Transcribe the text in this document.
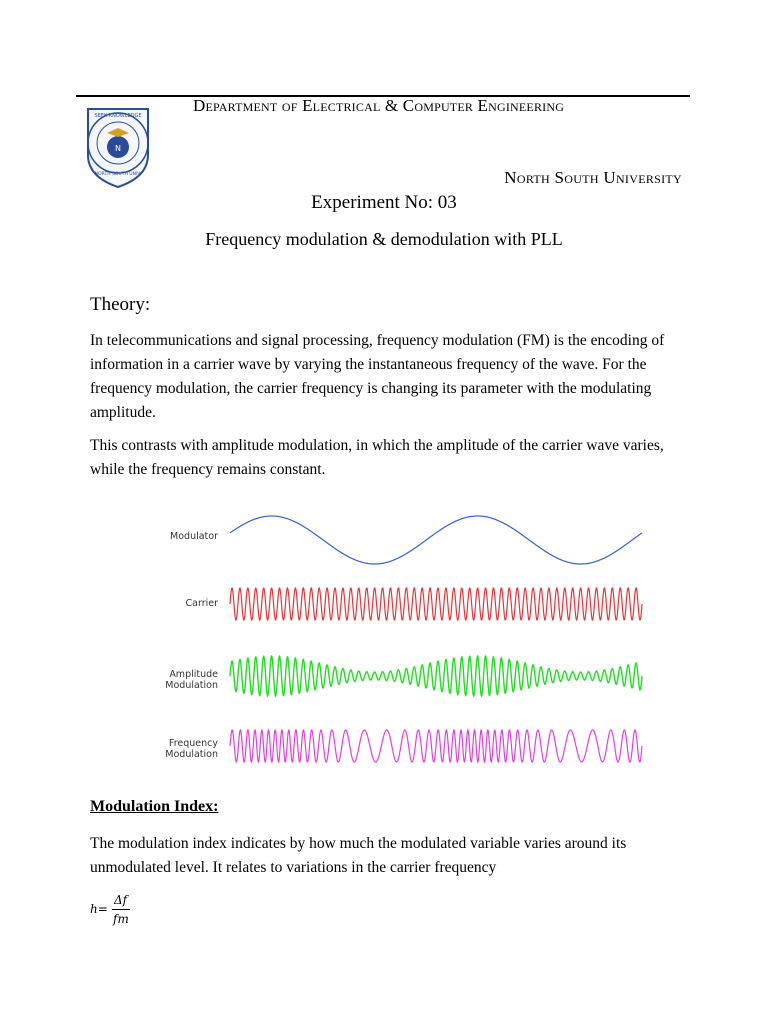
N
SEEK KNOWLEDGE
NORTH SOUTH UNIV.
Department of Electrical & Computer Engineering
North South University
Experiment No: 03
Frequency modulation & demodulation with PLL
Theory:
In telecommunications and signal processing, frequency modulation (FM) is the encoding of information in a carrier wave by varying the instantaneous frequency of the wave. For the frequency modulation, the carrier frequency is changing its parameter with the modulating amplitude.
This contrasts with amplitude modulation, in which the amplitude of the carrier wave varies, while the frequency remains constant.
Modulator
Carrier
Amplitude
Modulation
Frequency
Modulation
Modulation Index:
The modulation index indicates by how much the modulated variable varies around its unmodulated level. It relates to variations in the carrier frequency
h=
Δf
fm
